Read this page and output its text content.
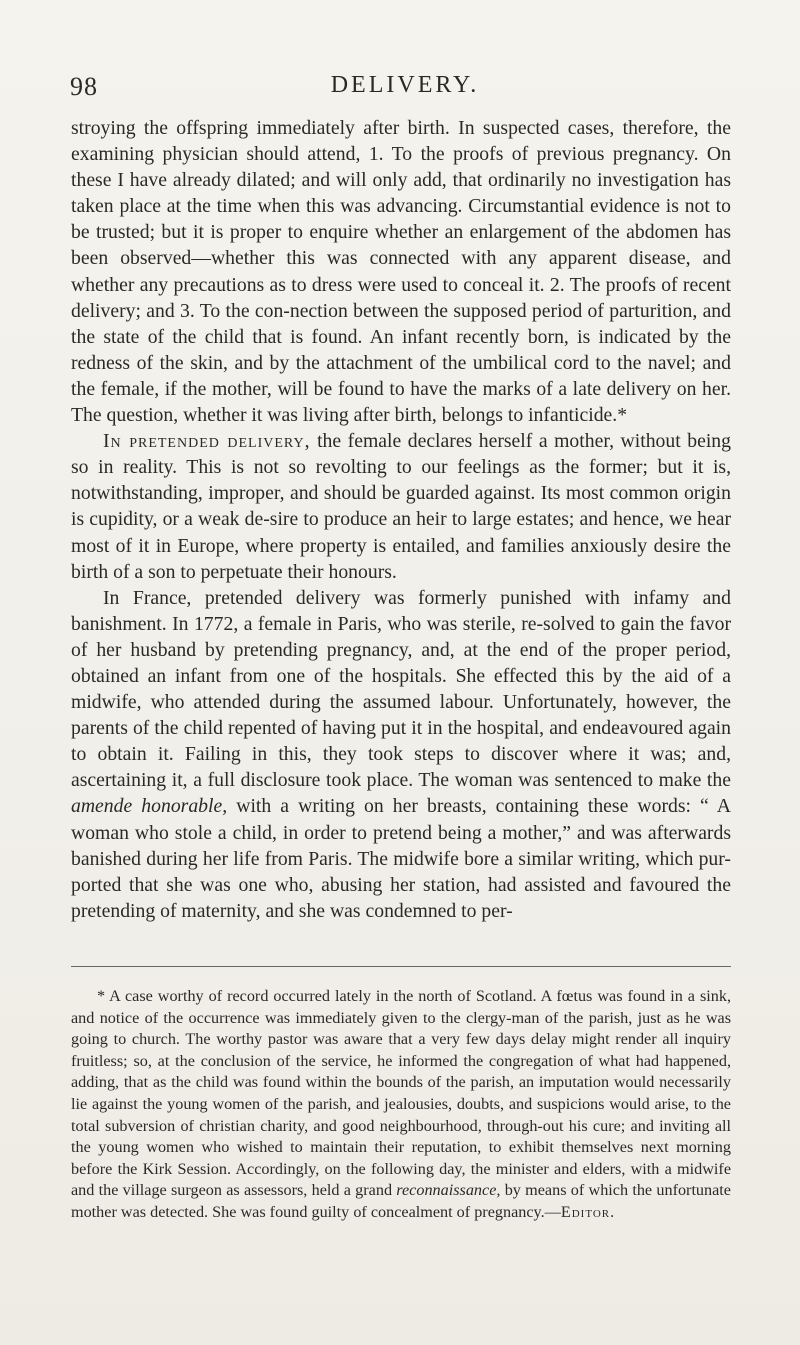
98	DELIVERY.

stroying the offspring immediately after birth. In suspected cases, therefore, the examining physician should attend, 1. To the proofs of previous pregnancy. On these I have already dilated; and will only add, that ordinarily no investigation has taken place at the time when this was advancing. Circumstantial evidence is not to be trusted; but it is proper to enquire whether an enlargement of the abdomen has been observed—whether this was connected with any apparent disease, and whether any precautions as to dress were used to conceal it. 2. The proofs of recent delivery; and 3. To the con-nection between the supposed period of parturition, and the state of the child that is found. An infant recently born, is indicated by the redness of the skin, and by the attachment of the umbilical cord to the navel; and the female, if the mother, will be found to have the marks of a late delivery on her. The question, whether it was living after birth, belongs to infanticide.*

In pretended delivery, the female declares herself a mother, without being so in reality. This is not so revolting to our feelings as the former; but it is, notwithstanding, improper, and should be guarded against. Its most common origin is cupidity, or a weak de-sire to produce an heir to large estates; and hence, we hear most of it in Europe, where property is entailed, and families anxiously desire the birth of a son to perpetuate their honours.

In France, pretended delivery was formerly punished with infamy and banishment. In 1772, a female in Paris, who was sterile, re-solved to gain the favor of her husband by pretending pregnancy, and, at the end of the proper period, obtained an infant from one of the hospitals. She effected this by the aid of a midwife, who attended during the assumed labour. Unfortunately, however, the parents of the child repented of having put it in the hospital, and endeavoured again to obtain it. Failing in this, they took steps to discover where it was; and, ascertaining it, a full disclosure took place. The woman was sentenced to make the amende honorable, with a writing on her breasts, containing these words: “ A woman who stole a child, in order to pretend being a mother,” and was afterwards banished during her life from Paris. The midwife bore a similar writing, which pur-ported that she was one who, abusing her station, had assisted and favoured the pretending of maternity, and she was condemned to per-

* A case worthy of record occurred lately in the north of Scotland. A fœtus was found in a sink, and notice of the occurrence was immediately given to the clergy-man of the parish, just as he was going to church. The worthy pastor was aware that a very few days delay might render all inquiry fruitless; so, at the conclusion of the service, he informed the congregation of what had happened, adding, that as the child was found within the bounds of the parish, an imputation would necessarily lie against the young women of the parish, and jealousies, doubts, and suspicions would arise, to the total subversion of christian charity, and good neighbourhood, through-out his cure; and inviting all the young women who wished to maintain their reputation, to exhibit themselves next morning before the Kirk Session. Accordingly, on the following day, the minister and elders, with a midwife and the village surgeon as assessors, held a grand reconnaissance, by means of which the unfortunate mother was detected. She was found guilty of concealment of pregnancy.—Editor.
